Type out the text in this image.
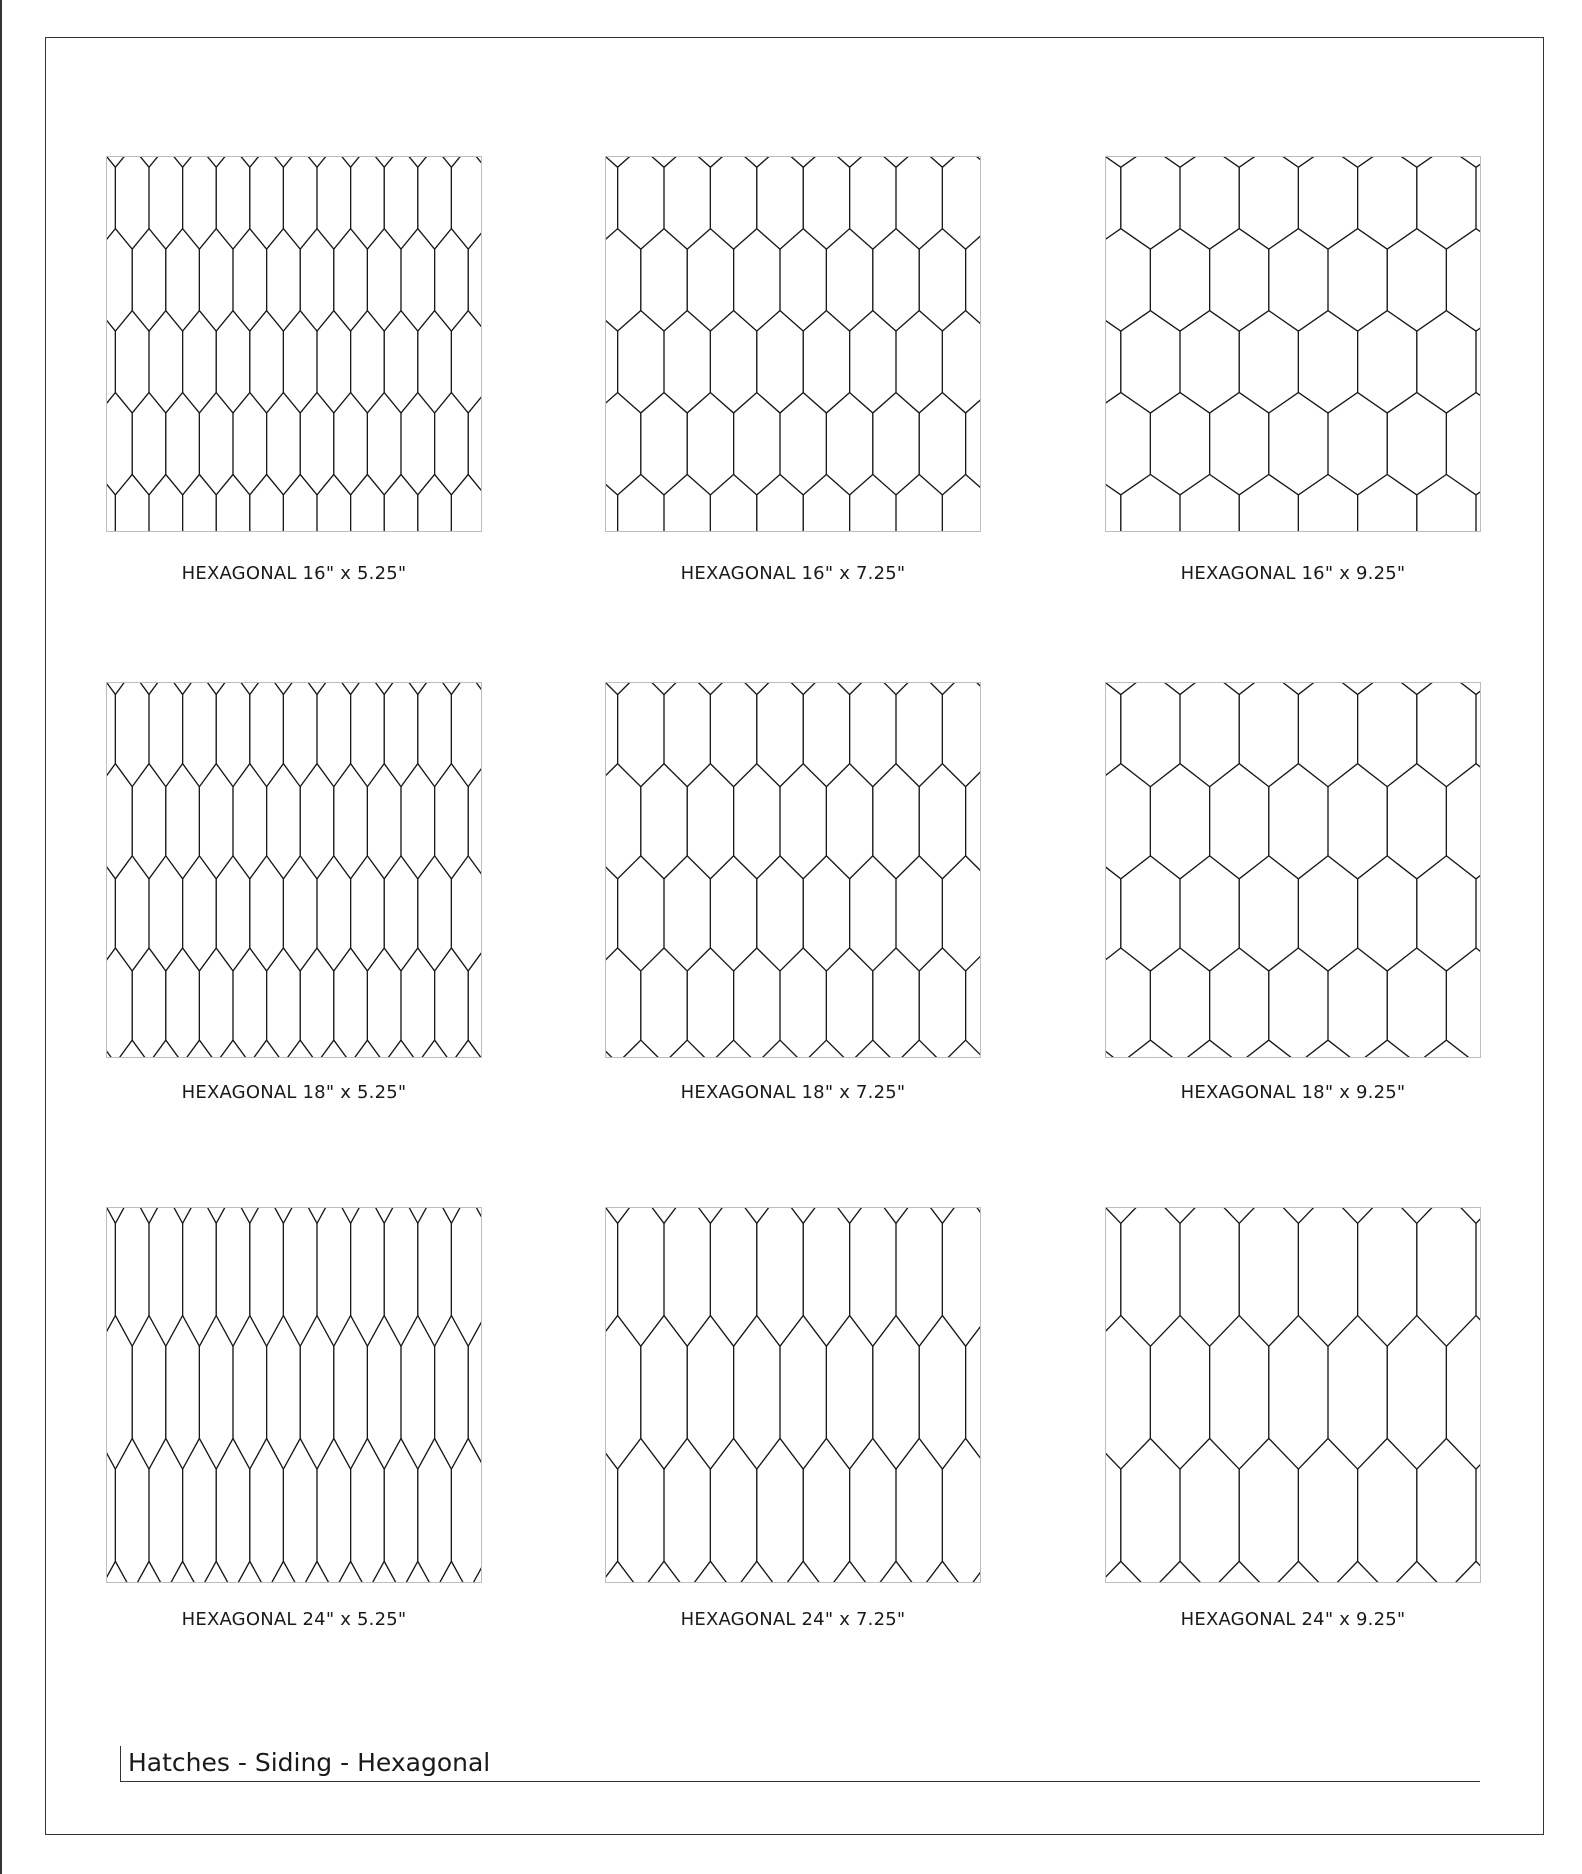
HEXAGONAL 16" x 5.25"	HEXAGONAL 16" x 7.25"	HEXAGONAL 16" x 9.25"
HEXAGONAL 18" x 5.25"	HEXAGONAL 18" x 7.25"	HEXAGONAL 18" x 9.25"
HEXAGONAL 24" x 5.25"	HEXAGONAL 24" x 7.25"	HEXAGONAL 24" x 9.25"
Hatches - Siding - Hexagonal
